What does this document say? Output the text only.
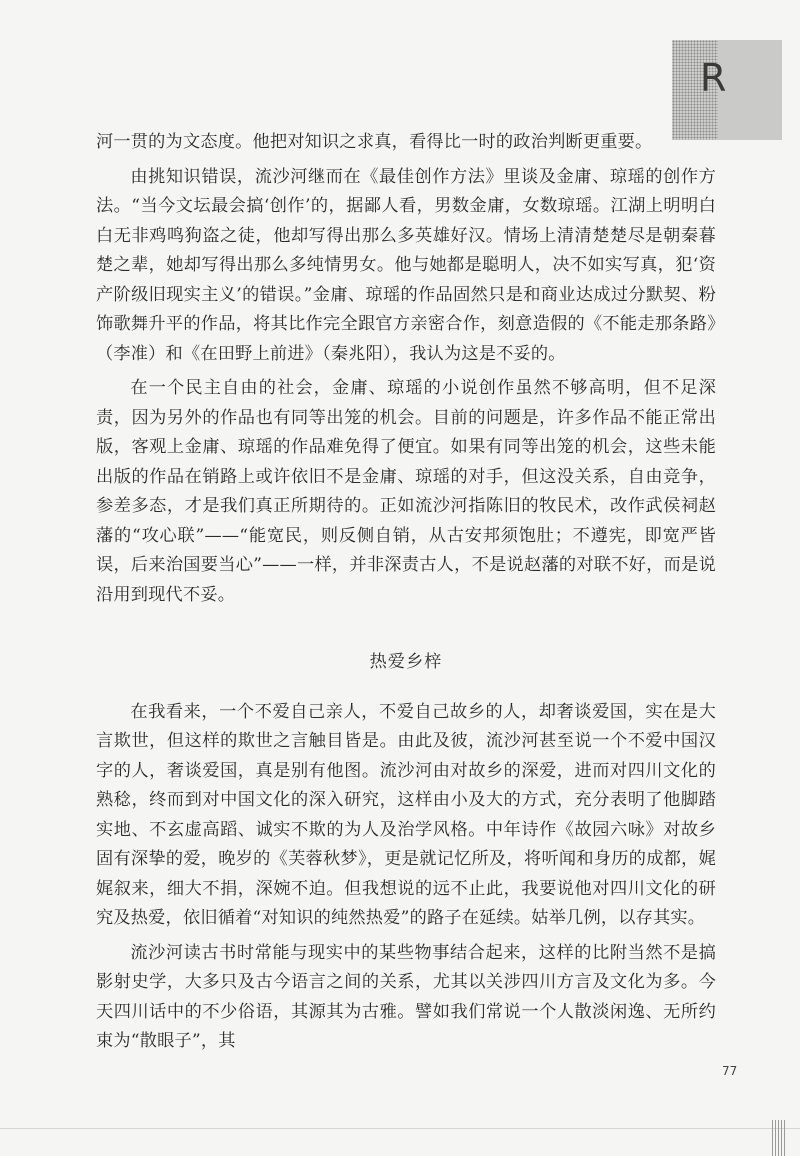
R

河一贯的为文态度。他把对知识之求真，看得比一时的政治判断更重要。

由挑知识错误，流沙河继而在《最佳创作方法》里谈及金庸、琼瑶的创作方法。“当今文坛最会搞‘创作’的，据鄙人看，男数金庸，女数琼瑶。江湖上明明白白无非鸡鸣狗盗之徒，他却写得出那么多英雄好汉。情场上清清楚楚尽是朝秦暮楚之辈，她却写得出那么多纯情男女。他与她都是聪明人，决不如实写真，犯‘资产阶级旧现实主义’的错误。”金庸、琼瑶的作品固然只是和商业达成过分默契、粉饰歌舞升平的作品，将其比作完全跟官方亲密合作，刻意造假的《不能走那条路》（李准）和《在田野上前进》（秦兆阳），我认为这是不妥的。

在一个民主自由的社会，金庸、琼瑶的小说创作虽然不够高明，但不足深责，因为另外的作品也有同等出笼的机会。目前的问题是，许多作品不能正常出版，客观上金庸、琼瑶的作品难免得了便宜。如果有同等出笼的机会，这些未能出版的作品在销路上或许依旧不是金庸、琼瑶的对手，但这没关系，自由竞争，参差多态，才是我们真正所期待的。正如流沙河指陈旧的牧民术，改作武侯祠赵藩的“攻心联”——“能宽民，则反侧自销，从古安邦须饱肚；不遵宪，即宽严皆误，后来治国要当心”——一样，并非深责古人，不是说赵藩的对联不好，而是说沿用到现代不妥。

热爱乡梓

在我看来，一个不爱自己亲人，不爱自己故乡的人，却奢谈爱国，实在是大言欺世，但这样的欺世之言触目皆是。由此及彼，流沙河甚至说一个不爱中国汉字的人，奢谈爱国，真是别有他图。流沙河由对故乡的深爱，进而对四川文化的熟稔，终而到对中国文化的深入研究，这样由小及大的方式，充分表明了他脚踏实地、不玄虚高蹈、诚实不欺的为人及治学风格。中年诗作《故园六咏》对故乡固有深挚的爱，晚岁的《芙蓉秋梦》，更是就记忆所及，将听闻和身历的成都，娓娓叙来，细大不捐，深婉不迫。但我想说的远不止此，我要说他对四川文化的研究及热爱，依旧循着“对知识的纯然热爱”的路子在延续。姑举几例，以存其实。

流沙河读古书时常能与现实中的某些物事结合起来，这样的比附当然不是搞影射史学，大多只及古今语言之间的关系，尤其以关涉四川方言及文化为多。今天四川话中的不少俗语，其源其为古雅。譬如我们常说一个人散淡闲逸、无所约束为“散眼子”，其

77
